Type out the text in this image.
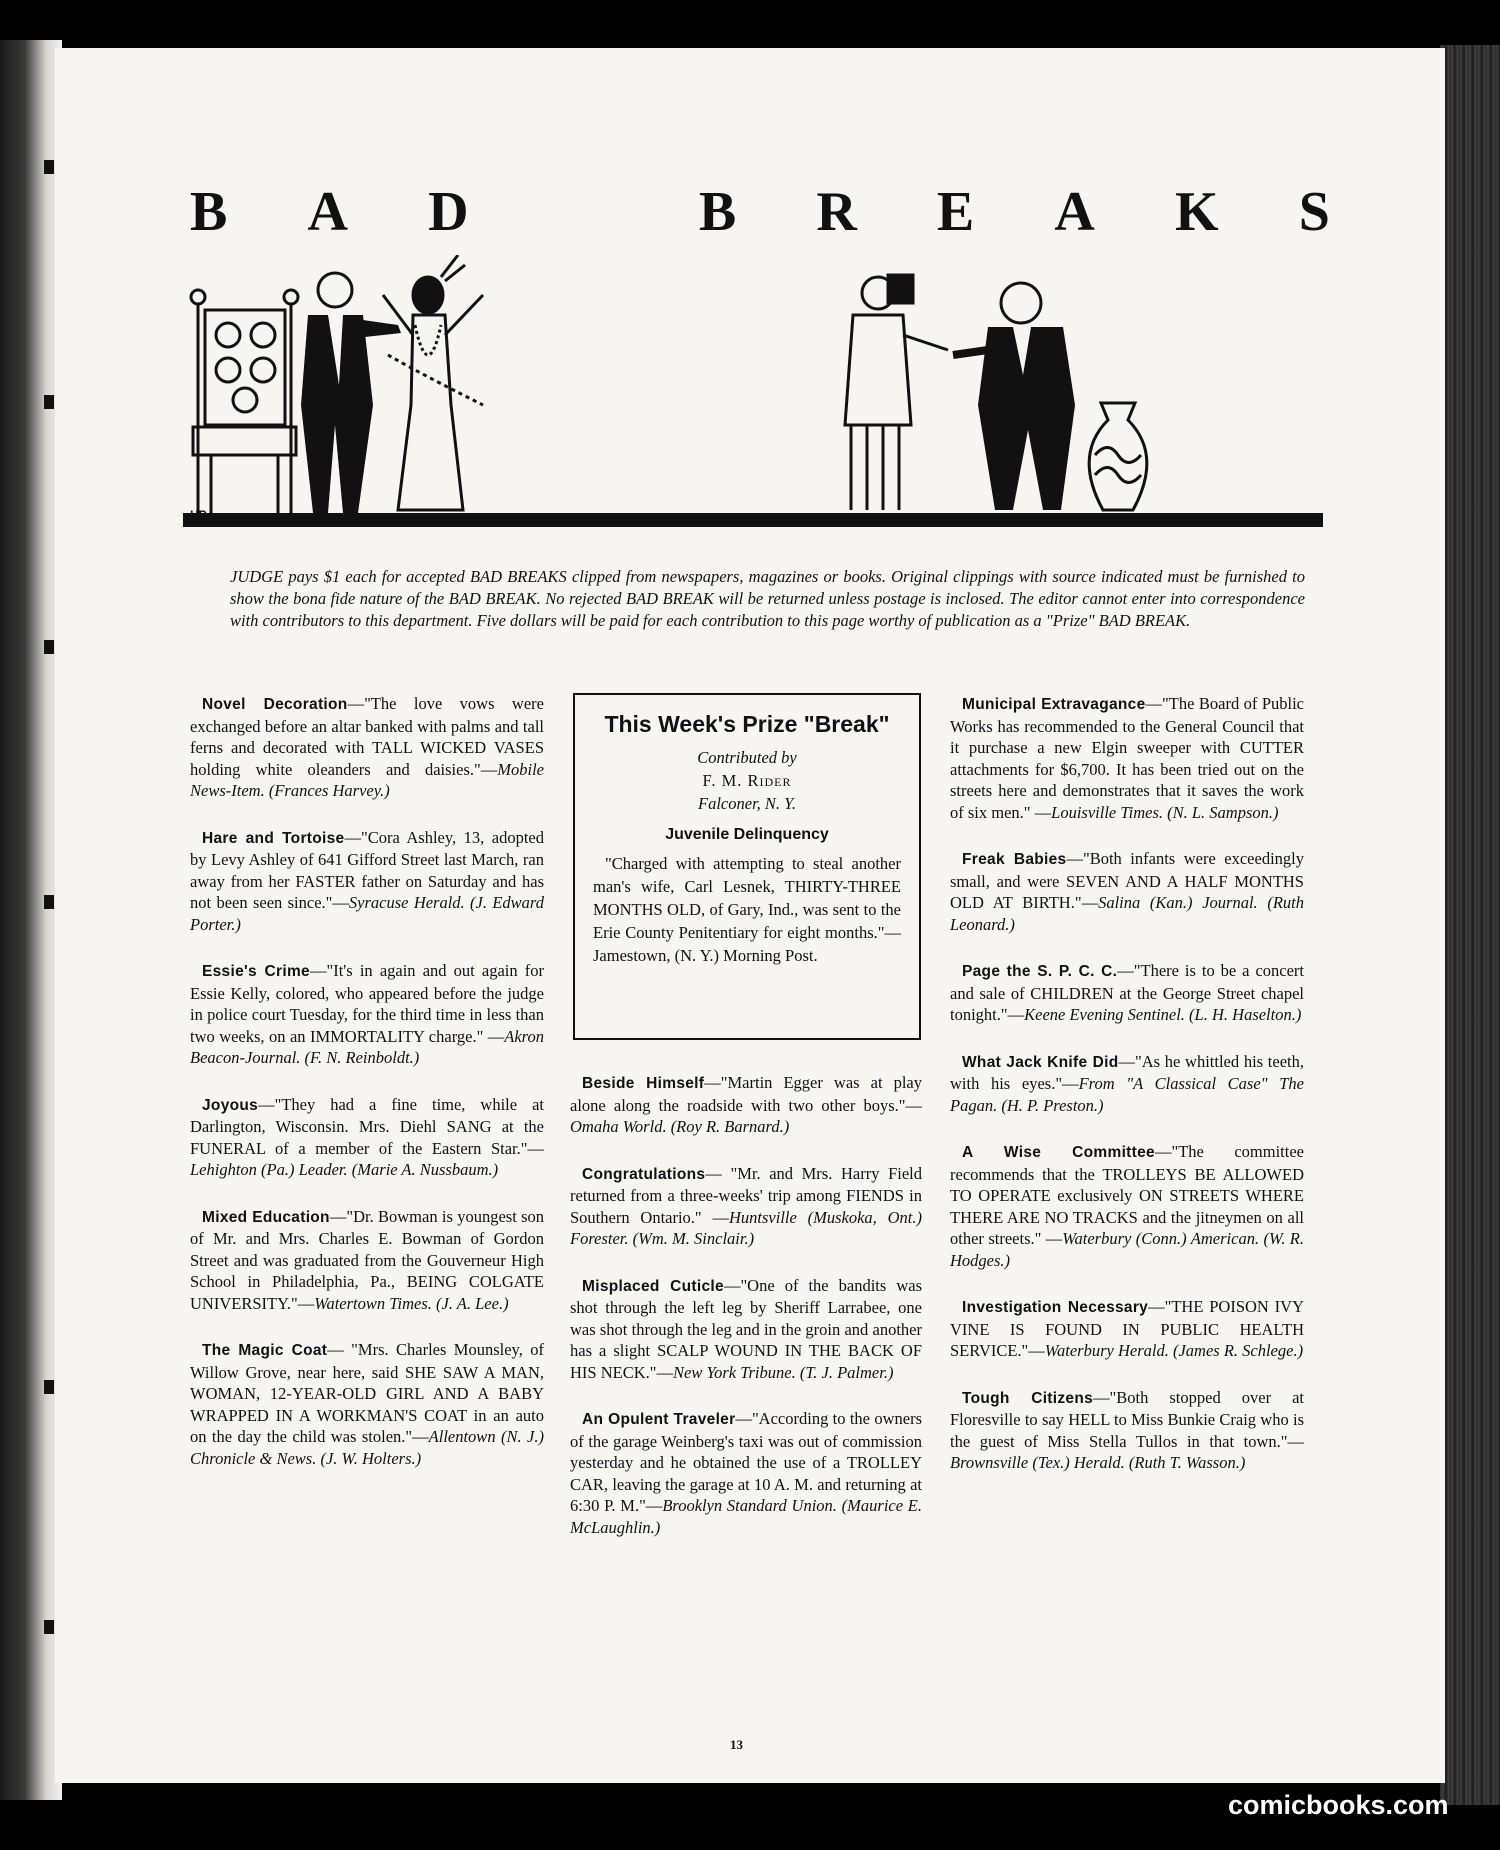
B A D	B R E A K S
HP
JUDGE pays $1 each for accepted BAD BREAKS clipped from newspapers, magazines or books. Original clippings with source indicated must be furnished to show the bona fide nature of the BAD BREAK. No rejected BAD BREAK will be returned unless postage is inclosed. The editor cannot enter into correspondence with contributors to this department. Five dollars will be paid for each contribution to this page worthy of publication as a "Prize" BAD BREAK.

Novel Decoration—"The love vows were exchanged before an altar banked with palms and tall ferns and decorated with TALL WICKED VASES holding white oleanders and daisies."—Mobile News-Item. (Frances Harvey.)

Hare and Tortoise—"Cora Ashley, 13, adopted by Levy Ashley of 641 Gifford Street last March, ran away from her FASTER father on Saturday and has not been seen since."—Syracuse Herald. (J. Edward Porter.)

Essie's Crime—"It's in again and out again for Essie Kelly, colored, who appeared before the judge in police court Tuesday, for the third time in less than two weeks, on an IMMORTALITY charge." —Akron Beacon-Journal. (F. N. Reinboldt.)

Joyous—"They had a fine time, while at Darlington, Wisconsin. Mrs. Diehl SANG at the FUNERAL of a member of the Eastern Star."—Lehighton (Pa.) Leader. (Marie A. Nussbaum.)

Mixed Education—"Dr. Bowman is youngest son of Mr. and Mrs. Charles E. Bowman of Gordon Street and was graduated from the Gouverneur High School in Philadelphia, Pa., BEING COLGATE UNIVERSITY."—Watertown Times. (J. A. Lee.)

The Magic Coat— "Mrs. Charles Mounsley, of Willow Grove, near here, said SHE SAW A MAN, WOMAN, 12-YEAR-OLD GIRL AND A BABY WRAPPED IN A WORKMAN'S COAT in an auto on the day the child was stolen."—Allentown (N. J.) Chronicle & News. (J. W. Holters.)

This Week's Prize "Break"
Contributed by
F. M. Rider
Falconer, N. Y.
Juvenile Delinquency
"Charged with attempting to steal another man's wife, Carl Lesnek, THIRTY-THREE MONTHS OLD, of Gary, Ind., was sent to the Erie County Penitentiary for eight months."— Jamestown, (N. Y.) Morning Post.

Beside Himself—"Martin Egger was at play alone along the roadside with two other boys."—Omaha World. (Roy R. Barnard.)

Congratulations— "Mr. and Mrs. Harry Field returned from a three-weeks' trip among FIENDS in Southern Ontario." —Huntsville (Muskoka, Ont.) Forester. (Wm. M. Sinclair.)

Misplaced Cuticle—"One of the bandits was shot through the left leg by Sheriff Larrabee, one was shot through the leg and in the groin and another has a slight SCALP WOUND IN THE BACK OF HIS NECK."—New York Tribune. (T. J. Palmer.)

An Opulent Traveler—"According to the owners of the garage Weinberg's taxi was out of commission yesterday and he obtained the use of a TROLLEY CAR, leaving the garage at 10 A. M. and returning at 6:30 P. M."—Brooklyn Standard Union. (Maurice E. McLaughlin.)

Municipal Extravagance—"The Board of Public Works has recommended to the General Council that it purchase a new Elgin sweeper with CUTTER attachments for $6,700. It has been tried out on the streets here and demonstrates that it saves the work of six men." —Louisville Times. (N. L. Sampson.)

Freak Babies—"Both infants were exceedingly small, and were SEVEN AND A HALF MONTHS OLD AT BIRTH."—Salina (Kan.) Journal. (Ruth Leonard.)

Page the S. P. C. C.—"There is to be a concert and sale of CHILDREN at the George Street chapel tonight."—Keene Evening Sentinel. (L. H. Haselton.)

What Jack Knife Did—"As he whittled his teeth, with his eyes."—From "A Classical Case" The Pagan. (H. P. Preston.)

A Wise Committee—"The committee recommends that the TROLLEYS BE ALLOWED TO OPERATE exclusively ON STREETS WHERE THERE ARE NO TRACKS and the jitneymen on all other streets." —Waterbury (Conn.) American. (W. R. Hodges.)

Investigation Necessary—"THE POISON IVY VINE IS FOUND IN PUBLIC HEALTH SERVICE."—Waterbury Herald. (James R. Schlege.)

Tough Citizens—"Both stopped over at Floresville to say HELL to Miss Bunkie Craig who is the guest of Miss Stella Tullos in that town."—Brownsville (Tex.) Herald. (Ruth T. Wasson.)

13
comicbooks.com
